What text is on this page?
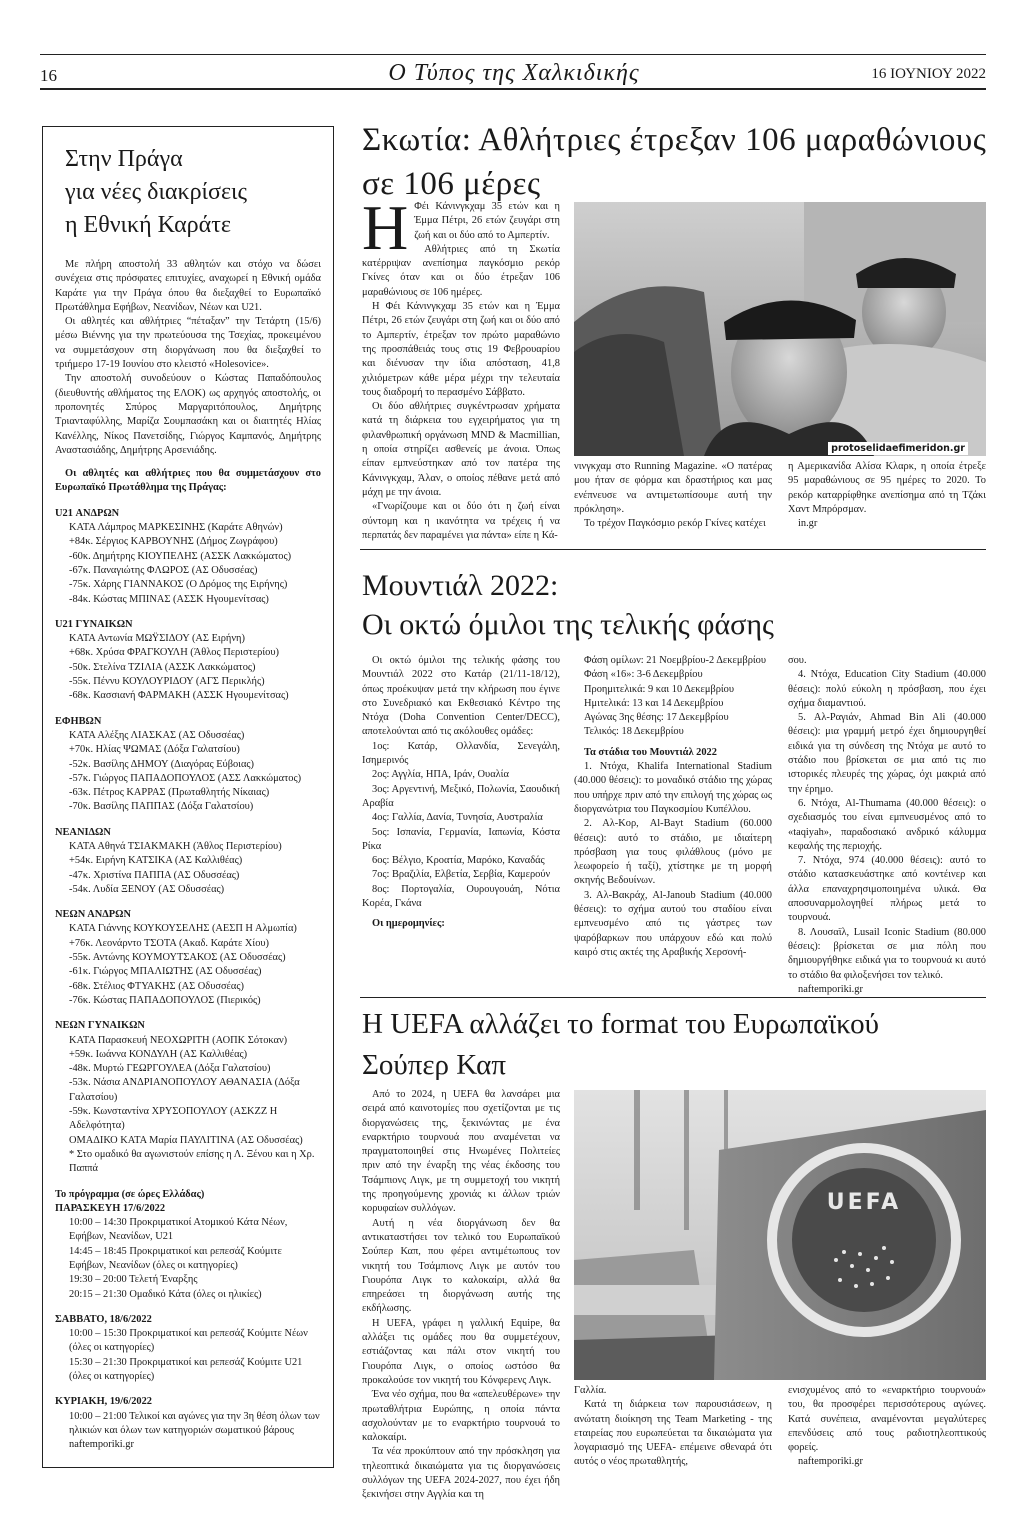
16	Ο Τύπος της Χαλκιδικής	16 ΙΟΥΝΙΟΥ 2022
Στην Πράγα
για νέες διακρίσεις
η Εθνική Καράτε

Με πλήρη αποστολή 33 αθλητών και στόχο να δώσει συνέχεια στις πρόσφατες επιτυχίες, αναχωρεί η Εθνική ομάδα Καράτε για την Πράγα όπου θα διεξαχθεί το Ευρωπαϊκό Πρωτάθλημα Εφήβων, Νεανίδων, Νέων και U21.

Οι αθλητές και αθλήτριες “πέταξαν” την Τετάρτη (15/6) μέσω Βιέννης για την πρωτεύουσα της Τσεχίας, προκειμένου να συμμετάσχουν στη διοργάνωση που θα διεξαχθεί το τριήμερο 17-19 Ιουνίου στο κλειστό «Holesovice».

Την αποστολή συνοδεύουν ο Κώστας Παπαδόπουλος (διευθυντής αθλήματος της ΕΛΟΚ) ως αρχηγός αποστολής, οι προπονητές Σπύρος Μαργαριτόπουλος, Δημήτρης Τριανταφύλλης, Μαρίζα Σουμπασάκη και οι διαιτητές Ηλίας Κανέλλης, Νίκος Πανετσίδης, Γιώργος Καμπανός, Δημήτρης Αναστασιάδης, Δημήτρης Αρσενιάδης.

Οι αθλητές και αθλήτριες που θα συμμετάσχουν στο Ευρωπαϊκό Πρωτάθλημα της Πράγας:
U21 ΑΝΔΡΩΝ
ΚΑΤΑ Λάμπρος ΜΑΡΚΕΣΙΝΗΣ (Καράτε Αθηνών)
+84κ. Σέργιος ΚΑΡΒΟΥΝΗΣ (Δήμος Ζωγράφου)
-60κ. Δημήτρης ΚΙΟΥΠΕΛΗΣ (ΑΣΣΚ Λακκώματος)
-67κ. Παναγιώτης ΦΛΩΡΟΣ (ΑΣ Οδυσσέας)
-75κ. Χάρης ΓΙΑΝΝΑΚΟΣ (Ο Δρόμος της Ειρήνης)
-84κ. Κώστας ΜΠΙΝΑΣ (ΑΣΣΚ Ηγουμενίτσας)
U21 ΓΥΝΑΙΚΩΝ
ΚΑΤΑ Αντωνία ΜΩΫΣΙΔΟΥ (ΑΣ Ειρήνη)
+68κ. Χρύσα ΦΡΑΓΚΟΥΛΗ (Άθλος Περιστερίου)
-50κ. Στελίνα ΤΖΙΛΙΑ (ΑΣΣΚ Λακκώματος)
-55κ. Πέννυ ΚΟΥΛΟΥΡΙΔΟΥ (ΑΓΣ Περικλής)
-68κ. Κασσιανή ΦΑΡΜΑΚΗ (ΑΣΣΚ Ηγουμενίτσας)
ΕΦΗΒΩΝ
ΚΑΤΑ Αλέξης ΛΙΑΣΚΑΣ (ΑΣ Οδυσσέας)
+70κ. Ηλίας ΨΩΜΑΣ (Δόξα Γαλατσίου)
-52κ. Βασίλης ΔΗΜΟΥ (Διαγόρας Εύβοιας)
-57κ. Γιώργος ΠΑΠΑΔΟΠΟΥΛΟΣ (ΑΣΣ Λακκώματος)
-63κ. Πέτρος ΚΑΡΡΑΣ (Πρωταθλητής Νίκαιας)
-70κ. Βασίλης ΠΑΠΠΑΣ (Δόξα Γαλατσίου)
ΝΕΑΝΙΔΩΝ
ΚΑΤΑ Αθηνά ΤΣΙΑΚΜΑΚΗ (Άθλος Περιστερίου)
+54κ. Ειρήνη ΚΑΤΣΙΚΑ (ΑΣ Καλλιθέας)
-47κ. Χριστίνα ΠΑΠΠΑ (ΑΣ Οδυσσέας)
-54κ. Λυδία ΞΕΝΟΥ (ΑΣ Οδυσσέας)
ΝΕΩΝ ΑΝΔΡΩΝ
ΚΑΤΑ Γιάννης ΚΟΥΚΟΥΣΕΛΗΣ (ΑΕΣΠ Η Αλμωπία)
+76κ. Λεονάρντο ΤΣΟΤΑ (Ακαδ. Καράτε Χίου)
-55κ. Αντώνης ΚΟΥΜΟΥΤΣΑΚΟΣ (ΑΣ Οδυσσέας)
-61κ. Γιώργος ΜΠΑΛΙΩΤΗΣ (ΑΣ Οδυσσέας)
-68κ. Στέλιος ΦΤΥΑΚΗΣ (ΑΣ Οδυσσέας)
-76κ. Κώστας ΠΑΠΑΔΟΠΟΥΛΟΣ (Πιερικός)
ΝΕΩΝ ΓΥΝΑΙΚΩΝ
ΚΑΤΑ Παρασκευή ΝΕΟΧΩΡΙΤΗ (ΑΟΠΚ Σότοκαν)
+59κ. Ιωάννα ΚΟΝΔΥΛΗ (ΑΣ Καλλιθέας)
-48κ. Μυρτώ ΓΕΩΡΓΟΥΛΕΑ (Δόξα Γαλατσίου)
-53κ. Νάσια ΑΝΔΡΙΑΝΟΠΟΥΛΟΥ ΑΘΑΝΑΣΙΑ (Δόξα Γαλατσίου)
-59κ. Κωνσταντίνα ΧΡΥΣΟΠΟΥΛΟΥ (ΑΣΚΖΖ Η Αδελφότητα)
ΟΜΑΔΙΚΟ ΚΑΤΑ Μαρία ΠΑΥΛΙΤΙΝΑ (ΑΣ Οδυσσέας)
* Στο ομαδικό θα αγωνιστούν επίσης η Λ. Ξένου και η Χρ. Παππά
Το πρόγραμμα (σε ώρες Ελλάδας)
ΠΑΡΑΣΚΕΥΗ 17/6/2022
10:00 – 14:30 Προκριματικοί Ατομικού Κάτα Νέων, Εφήβων, Νεανίδων, U21
14:45 – 18:45 Προκριματικοί και ρεπεσάζ Κούμιτε Εφήβων, Νεανίδων (όλες οι κατηγορίες)
19:30 – 20:00 Τελετή Έναρξης
20:15 – 21:30 Ομαδικό Κάτα (όλες οι ηλικίες)
ΣΑΒΒΑΤΟ, 18/6/2022
10:00 – 15:30 Προκριματικοί και ρεπεσάζ Κούμιτε Νέων (όλες οι κατηγορίες)
15:30 – 21:30 Προκριματικοί και ρεπεσάζ Κούμιτε U21 (όλες οι κατηγορίες)
ΚΥΡΙΑΚΗ, 19/6/2022
10:00 – 21:00 Τελικοί και αγώνες για την 3η θέση όλων των ηλικιών και όλων των κατηγοριών σωματικού βάρους
naftemporiki.gr
Σκωτία: Αθλήτριες έτρεξαν 106 μαραθώνιους σε 106 μέρες
Η Φέι Κάνινγκχαμ 35 ετών και η Έμμα Πέτρι, 26 ετών ζευγάρι στη ζωή και οι δύο από το Αμπερτίν.

Αθλήτριες από τη Σκωτία κατέρριψαν ανεπίσημα παγκόσμιο ρεκόρ Γκίνες όταν και οι δύο έτρεξαν 106 μαραθώνιους σε 106 ημέρες.

Η Φέι Κάνινγκχαμ 35 ετών και η Έμμα Πέτρι, 26 ετών ζευγάρι στη ζωή και οι δύο από το Αμπερτίν, έτρεξαν τον πρώτο μαραθώνιο της προσπάθειάς τους στις 19 Φεβρουαρίου και διένυσαν την ίδια απόσταση, 41,8 χιλιόμετρων κάθε μέρα μέχρι την τελευταία τους διαδρομή το περασμένο Σάββατο.

Οι δύο αθλήτριες συγκέντρωσαν χρήματα κατά τη διάρκεια του εγχειρήματος για τη φιλανθρωπική οργάνωση MND & Macmillian, η οποία στηρίζει ασθενείς με άνοια. Όπως είπαν εμπνεύστηκαν από τον πατέρα της Κάνινγκχαμ, Άλαν, ο οποίος πέθανε μετά από μάχη με την άνοια.

«Γνωρίζουμε και οι δύο ότι η ζωή είναι σύντομη και η ικανότητα να τρέχεις ή να περπατάς δεν παραμένει για πάντα» είπε η Κά-

protoselidaefimeridon.gr
νινγκχαμ στο Running Magazine. «Ο πατέρας μου ήταν σε φόρμα και δραστήριος και μας ενέπνευσε να αντιμετωπίσουμε αυτή την πρόκληση».

Το τρέχον Παγκόσμιο ρεκόρ Γκίνες κατέχει

η Αμερικανίδα Αλίσα Κλαρκ, η οποία έτρεξε 95 μαραθώνιους σε 95 ημέρες το 2020. Το ρεκόρ καταρρίφθηκε ανεπίσημα από τη Τζάκι Χαντ Μπρόρσμαν.

in.gr

Μουντιάλ 2022:
Οι οκτώ όμιλοι της τελικής φάσης

Οι οκτώ όμιλοι της τελικής φάσης του Μουντιάλ 2022 στο Κατάρ (21/11-18/12), όπως προέκυψαν μετά την κλήρωση που έγινε στο Συνεδριακό και Εκθεσιακό Κέντρο της Ντόχα (Doha Convention Center/DECC), αποτελούνται από τις ακόλουθες ομάδες:

1ος: Κατάρ, Ολλανδία, Σενεγάλη, Ισημερινός

2ος: Αγγλία, ΗΠΑ, Ιράν, Ουαλία

3ος: Αργεντινή, Μεξικό, Πολωνία, Σαουδική Αραβία

4ος: Γαλλία, Δανία, Τυνησία, Αυστραλία

5ος: Ισπανία, Γερμανία, Ιαπωνία, Κόστα Ρίκα

6ος: Βέλγιο, Κροατία, Μαρόκο, Καναδάς

7ος: Βραζιλία, Ελβετία, Σερβία, Καμερούν

8ος: Πορτογαλία, Ουρουγουάη, Νότια Κορέα, Γκάνα

Οι ημερομηνίες:

Φάση ομίλων: 21 Νοεμβρίου-2 Δεκεμβρίου

Φάση «16»: 3-6 Δεκεμβρίου

Προημιτελικά: 9 και 10 Δεκεμβρίου

Ημιτελικά: 13 και 14 Δεκεμβρίου

Αγώνας 3ης θέσης: 17 Δεκεμβρίου

Τελικός: 18 Δεκεμβρίου

Τα στάδια του Μουντιάλ 2022

1. Ντόχα, Khalifa International Stadium (40.000 θέσεις): το μοναδικό στάδιο της χώρας που υπήρχε πριν από την επιλογή της χώρας ως διοργανώτρια του Παγκοσμίου Κυπέλλου.

2. Αλ-Κορ, Al-Bayt Stadium (60.000 θέσεις): αυτό το στάδιο, με ιδιαίτερη πρόσβαση για τους φιλάθλους (μόνο με λεωφορείο ή ταξί), χτίστηκε με τη μορφή σκηνής Βεδουίνων.

3. Αλ-Βακράχ, Al-Janoub Stadium (40.000 θέσεις): το σχήμα αυτού του σταδίου είναι εμπνευσμένο από τις γάστρες των ψαρόβαρκων που υπάρχουν εδώ και πολύ καιρό στις ακτές της Αραβικής Χερσονή-

σου.

4. Ντόχα, Education City Stadium (40.000 θέσεις): πολύ εύκολη η πρόσβαση, που έχει σχήμα διαμαντιού.

5. Αλ-Ραγιάν, Ahmad Bin Ali (40.000 θέσεις): μια γραμμή μετρό έχει δημιουργηθεί ειδικά για τη σύνδεση της Ντόχα με αυτό το στάδιο που βρίσκεται σε μια από τις πιο ιστορικές πλευρές της χώρας, όχι μακριά από την έρημο.

6. Ντόχα, Al-Thumama (40.000 θέσεις): ο σχεδιασμός του είναι εμπνευσμένος από το «taqiyah», παραδοσιακό ανδρικό κάλυμμα κεφαλής της περιοχής.

7. Ντόχα, 974 (40.000 θέσεις): αυτό το στάδιο κατασκευάστηκε από κοντέινερ και άλλα επαναχρησιμοποιημένα υλικά. Θα αποσυναρμολογηθεί πλήρως μετά το τουρνουά.

8. Λουσαϊλ, Lusail Iconic Stadium (80.000 θέσεις): βρίσκεται σε μια πόλη που δημιουργήθηκε ειδικά για το τουρνουά κι αυτό το στάδιο θα φιλοξενήσει τον τελικό.

naftemporiki.gr

Η UEFA αλλάζει το format του Ευρωπαϊκού
Σούπερ Καπ

Από το 2024, η UEFA θα λανσάρει μια σειρά από καινοτομίες που σχετίζονται με τις διοργανώσεις της, ξεκινώντας με ένα εναρκτήριο τουρνουά που αναμένεται να πραγματοποιηθεί στις Ηνωμένες Πολιτείες πριν από την έναρξη της νέας έκδοσης του Τσάμπιονς Λιγκ, με τη συμμετοχή του νικητή της προηγούμενης χρονιάς κι άλλων τριών κορυφαίων συλλόγων.

Αυτή η νέα διοργάνωση δεν θα αντικαταστήσει τον τελικό του Ευρωπαϊκού Σούπερ Καπ, που φέρει αντιμέτωπους τον νικητή του Τσάμπιονς Λιγκ με αυτόν του Γιουρόπα Λιγκ το καλοκαίρι, αλλά θα επηρεάσει τη διοργάνωση αυτής της εκδήλωσης.

Η UEFA, γράφει η γαλλική Equipe, θα αλλάξει τις ομάδες που θα συμμετέχουν, εστιάζοντας και πάλι στον νικητή του Γιουρόπα Λιγκ, ο οποίος ωστόσο θα προκαλούσε τον νικητή του Κόνφερενς Λιγκ.

Ένα νέο σχήμα, που θα «απελευθέρωνε» την πρωταθλήτρια Ευρώπης, η οποία πάντα ασχολούνταν με το εναρκτήριο τουρνουά το καλοκαίρι.

Τα νέα προκύπτουν από την πρόσκληση για τηλεοπτικά δικαιώματα για τις διοργανώσεις συλλόγων της UEFA 2024-2027, που έχει ήδη ξεκινήσει στην Αγγλία και τη

UEFA
Γαλλία.

Κατά τη διάρκεια των παρουσιάσεων, η ανώτατη διοίκηση της Team Marketing - της εταιρείας που ευρωπεύεται τα δικαιώματα για λογαριασμό της UEFA- επέμεινε σθεναρά ότι αυτός ο νέος πρωταθλητής,

ενισχυμένος από το «εναρκτήριο τουρνουά» του, θα προσφέρει περισσότερους αγώνες. Κατά συνέπεια, αναμένονται μεγαλύτερες επενδύσεις από τους ραδιοτηλεοπτικούς φορείς.

naftemporiki.gr
